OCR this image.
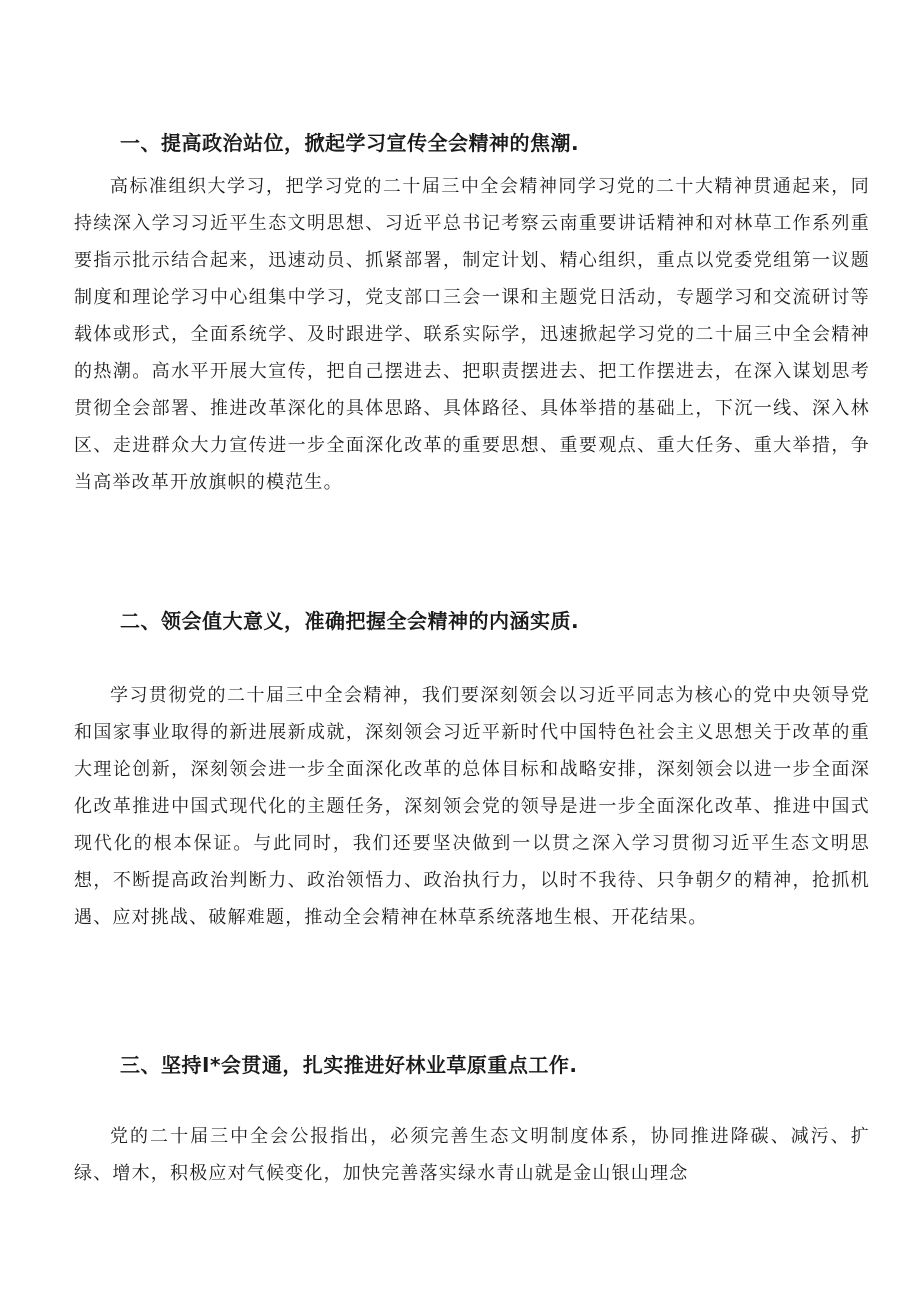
一、提高政治站位，掀起学习宣传全会精神的焦潮.

高标准组织大学习，把学习党的二十届三中全会精神同学习党的二十大精神贯通起来，同持续深入学习习近平生态文明思想、习近平总书记考察云南重要讲话精神和对林草工作系列重要指示批示结合起来，迅速动员、抓紧部署，制定计划、精心组织，重点以党委党组第一议题制度和理论学习中心组集中学习，党支部口三会一课和主题党日活动，专题学习和交流研讨等载体或形式，全面系统学、及时跟进学、联系实际学，迅速掀起学习党的二十届三中全会精神的热潮。高水平开展大宣传，把自己摆进去、把职责摆进去、把工作摆进去，在深入谋划思考贯彻全会部署、推进改革深化的具体思路、具体路径、具体举措的基础上，下沉一线、深入林区、走进群众大力宣传进一步全面深化改革的重要思想、重要观点、重大任务、重大举措，争当高举改革开放旗帜的模范生。

二、领会值大意义，准确把握全会精神的内涵实质.

学习贯彻党的二十届三中全会精神，我们要深刻领会以习近平同志为核心的党中央领导党和国家事业取得的新进展新成就，深刻领会习近平新时代中国特色社会主义思想关于改革的重大理论创新，深刻领会进一步全面深化改革的总体目标和战略安排，深刻领会以进一步全面深化改革推进中国式现代化的主题任务，深刻领会党的领导是进一步全面深化改革、推进中国式现代化的根本保证。与此同时，我们还要坚决做到一以贯之深入学习贯彻习近平生态文明思想，不断提高政治判断力、政治领悟力、政治执行力，以时不我待、只争朝夕的精神，抢抓机遇、应对挑战、破解难题，推动全会精神在林草系统落地生根、开花结果。

三、坚持I*会贯通，扎实推进好林业草原重点工作.

党的二十届三中全会公报指出，必须完善生态文明制度体系，协同推进降碳、减污、扩绿、增木，积极应对气候变化，加快完善落实绿水青山就是金山银山理念
